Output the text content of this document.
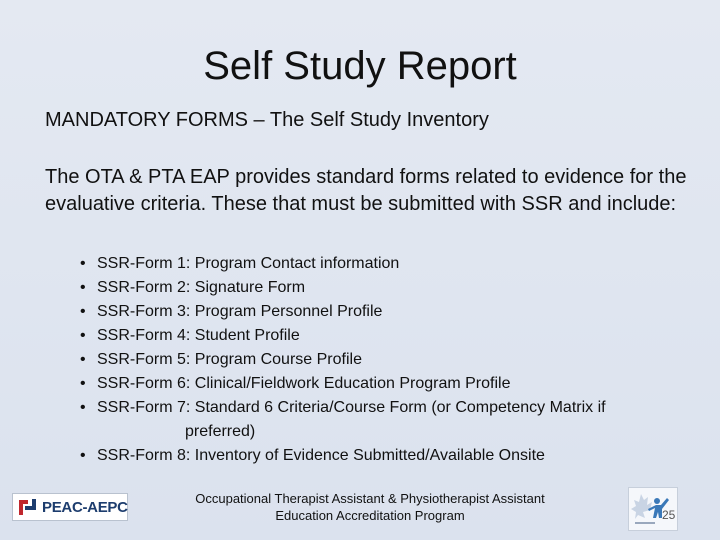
Self Study Report
MANDATORY FORMS – The Self Study Inventory
The OTA & PTA EAP provides standard forms related to evidence for the evaluative criteria. These that must be submitted with SSR and include:
• SSR-Form 1: Program Contact information
• SSR-Form 2: Signature Form
• SSR-Form 3: Program Personnel Profile
• SSR-Form 4: Student Profile
• SSR-Form 5: Program Course Profile
• SSR-Form 6: Clinical/Fieldwork Education Program Profile
• SSR-Form 7: Standard 6 Criteria/Course Form (or Competency Matrix if
preferred)
• SSR-Form 8: Inventory of Evidence Submitted/Available Onsite
PEAC-AEPC	Occupational Therapist Assistant & Physiotherapist Assistant
Education Accreditation Program	25
